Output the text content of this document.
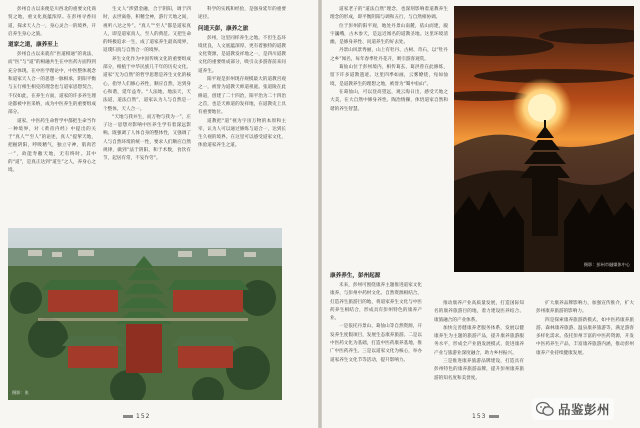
彭州自古以来便是川西北的重要文化商贸之地，重文化底蕴浓厚。在彭州寻香问道，探求天人合一，身心灵合一的境界，开启养生身心之旅。

道家之道，康养至上

彭州自古以来就有“医道相通”的说法，而“医”与“道”的相融共生在中医药方面得到充分体现。在中医学理论中，中医整体观念和道家天人合一的思想一脉相承，阴阳平衡与五行相生相克的理念也与道家思想契合，不仅如此，在养生方面，道家的许多养生理论都被中医采纳，成为中医养生的重要组成部分。

道家，中医药生命哲学中都把生命当作一种境界，对《黄帝内经》中提出的关于“真人”“至人”的论述，真人“提挈天地，把握阴阳，呼吸精气，独立守神，肌肉若一”，故能寿敝天地，无有终时。其中的“道”，是真正达到“道生”之人，养身心之境。

生文人“涉猎金融，合于阴阳，调于四时，去世离俗，积精全神，游行天地之间，视听八达之外”。“真人”“至人”都是道家真人，即是道家真人，至人的典范。又把生命的终极追求一生，成了道家养生最高境界，返璞归真与自然合一的境界。

养生文化作为中国传统文化的重要组成部分，根植于中华民族几千年的历史文化。道家“无为自然”的哲学思想是养生文化的核心，指导人们修心养性，顺应自然，达到身心和谐，延年益寿。“人法地，地法天，天法道，道法自然”，道家认为人与自然是一个整体，天人合一。

“天地与我并生，而万物与我为一”，庄子这一思想对影响中医养生学有着深远影响。既强调了人体自身的整体性，又强调了人与自然环境的统一性，要求人们顺应自然规律，做到“法于阴阳，和于术数，食饮有节，起居有常，不妄作劳”。

科学的实践和经验，是强身延年的重要途径。

问道天彭，康养之旅

彭州，这里同样养生之地。不但生态环境优良，人文底蕴深厚，更有着独特的道教文化资源，是道教发祥地之一，是四川道教文化的重要组成部分，吸引众多游客前来问道养生。

阳平观是彭州现存规模最大的道教宫观之一，被誉为道教天师道祖庭。张道陵在此修道，创建了二十四治，阳平治为二十四治之首，也是天师道的发祥地，在道教史上具有重要地位。

道教把“道”视为宇宙万物的本原和主宰，认为人可以通过修炼与道合一，达到长生久视的境界。在这里可以感受道家文化，体验道家养生之道。

摄影：张
152

道家老子的“道法自然”理念，也深刻影响着道教养生理念的形成，即平衡阴阳与调和五行，与自然相协调。

位于彭州的阳平观，地处丹景山南麓，依山而建，殿宇巍峨，古木参天，是远近闻名的道教圣地。这里环境清幽，是修身养性、问道养生的好去处。

丹景山风景秀丽，山上有牡丹、古树、奇石，以“牡丹之乡”闻名，每年春季牡丹花开，吸引游客观赏。

葛仙山位于彭州境内，相传葛玄、葛洪曾在此修炼，留下许多道教遗迹。这里四季如画，云雾缭绕，宛如仙境，是道教养生的理想之地，被誉为“蜀中仙山”。

在葛仙山，可以登高望远，观云海日出，感受天地之大美，在大自然中修身养性、陶冶情操，体悟道家自然和谐的养生智慧。

摄影：彭州市融媒体中心
康养养生，彭州起源

未来，彭州可围绕康养主题推进道家文化康养，与彭州中药材文化、自然资源相结合，打造养生旅游目的地，将道家养生文化与中医药养生相结合，形成具有彭州特色的康养产业。

一是依托丹景山、葛仙山等自然资源，开发养生度假项目，发展生态康养旅游。二是以中医药文化为基础，打造中医药康养基地，推广中医药养生。三是以道家文化为核心，举办道家养生文化节等活动，提升影响力。

推动康养产业高质量发展，打造国际知名的康养旅游目的地，着力建设医养结合、康旅融合的产业体系。

加快完善健康养老服务体系，发展以健康养生为主题的旅游产品，提升康养旅游服务水平，形成全产业链发展模式，促进康养产业与旅游业深度融合，助力乡村振兴。

三是推进康养旅游品牌建设，打造具有彭州特色的康养旅游品牌，提升彭州康养旅游的知名度和美誉度。

扩大康养品牌影响力，加强宣传推介，扩大彭州康养旅游的影响力。

四是探索康养旅游新模式，如中医药康养旅游、森林康养旅游、温泉康养旅游等，满足游客多样化需求。依托彭州丰富的中医药资源，开发中医药养生产品，丰富康养旅游内涵，推动彭州康养产业持续健康发展。

153	品鉴彭州
